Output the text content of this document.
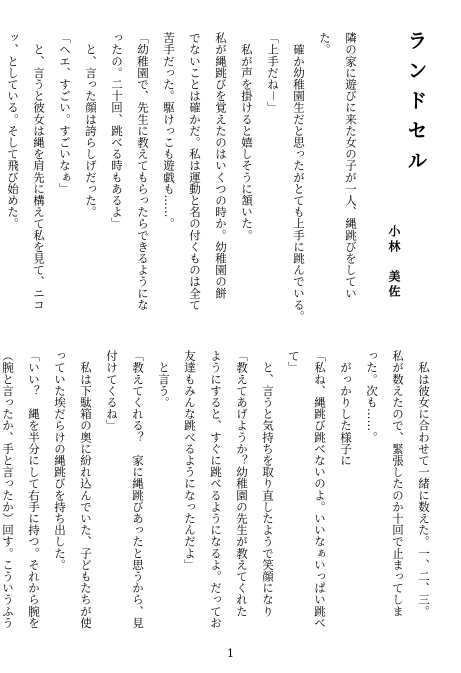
ランドセル
小林　美佐
隣の家に遊びに来た女の子が一人、縄跳びをしてい
た。
　確か幼稚園生だと思ったがとても上手に跳んでいる。
「上手だね－」
　私が声を掛けると嬉しそうに頷いた。
私が縄跳びを覚えたのはいくつの時か。幼稚園の餅
でないことは確かだ。私は運動と名の付くものは全て
苦手だった。駆けっこも遊戯も……。
「幼稚園で、先生に教えてもらったらできるようにな
ったの。二十回、跳べる時もあるよ」
　と、言った顔は誇らしげだった。
「ヘエ、すごい。すごいなぁ」
　と、言うと彼女は縄を肩先に構えて私を見て、ニコ
ッ、としている。そして飛び始めた。
　私は彼女に合わせて一緒に数えた。一、二、三。
私が数えたので、緊張したのか十回で止まってしま
った。次も……。
　がっかりした様子に
「私ね、縄跳び跳べないのよ。いいなぁいっぱい跳べ
て」
　と、言うと気持ちを取り直したようで笑顔になり
「教えてあげようか？幼稚園の先生が教えてくれた
ようにすると、すぐに跳べるようになるよ。だってお
友達もみんな跳べるようになったんだよ」
　と言う。
「教えてくれる？　家に縄跳びあったと思うから、見
付けてくるね」
　私は下駄箱の奥に紛れ込んでいた、子どもたちが使
っていた埃だらけの縄跳びを持ち出した。
「いい？　縄を半分にして右手に持つ。それから腕を
（腕と言ったか、手と言ったか）回す。こういうふう
1
